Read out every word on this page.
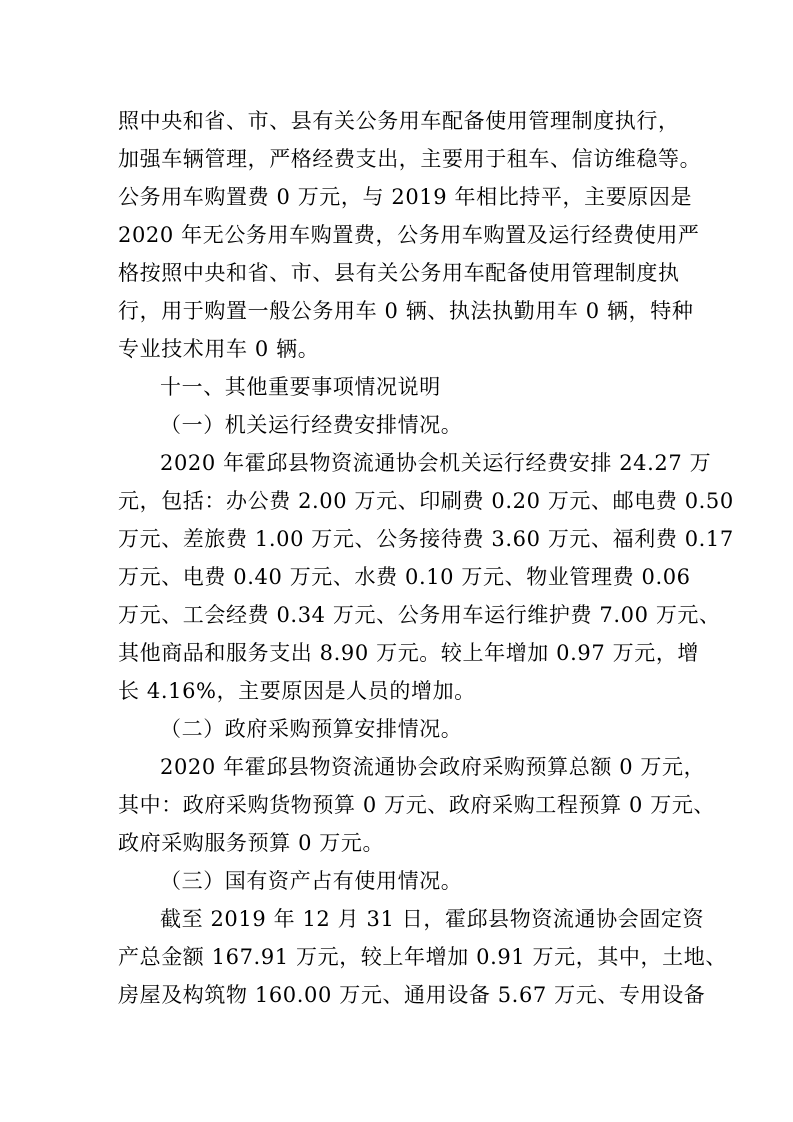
照中央和省、市、县有关公务用车配备使用管理制度执行，
加强车辆管理，严格经费支出，主要用于租车、信访维稳等。
公务用车购置费 0 万元，与 2019 年相比持平，主要原因是
2020 年无公务用车购置费，公务用车购置及运行经费使用严
格按照中央和省、市、县有关公务用车配备使用管理制度执
行，用于购置一般公务用车 0 辆、执法执勤用车 0 辆，特种
专业技术用车 0 辆。
十一、其他重要事项情况说明
（一）机关运行经费安排情况。
2020 年霍邱县物资流通协会机关运行经费安排 24.27 万
元，包括：办公费 2.00 万元、印刷费 0.20 万元、邮电费 0.50
万元、差旅费 1.00 万元、公务接待费 3.60 万元、福利费 0.17
万元、电费 0.40 万元、水费 0.10 万元、物业管理费 0.06
万元、工会经费 0.34 万元、公务用车运行维护费 7.00 万元、
其他商品和服务支出 8.90 万元。较上年增加 0.97 万元，增
长 4.16%，主要原因是人员的增加。
（二）政府采购预算安排情况。
2020 年霍邱县物资流通协会政府采购预算总额 0 万元，
其中：政府采购货物预算 0 万元、政府采购工程预算 0 万元、
政府采购服务预算 0 万元。
（三）国有资产占有使用情况。
截至 2019 年 12 月 31 日，霍邱县物资流通协会固定资
产总金额 167.91 万元，较上年增加 0.91 万元，其中，土地、
房屋及构筑物 160.00 万元、通用设备 5.67 万元、专用设备
